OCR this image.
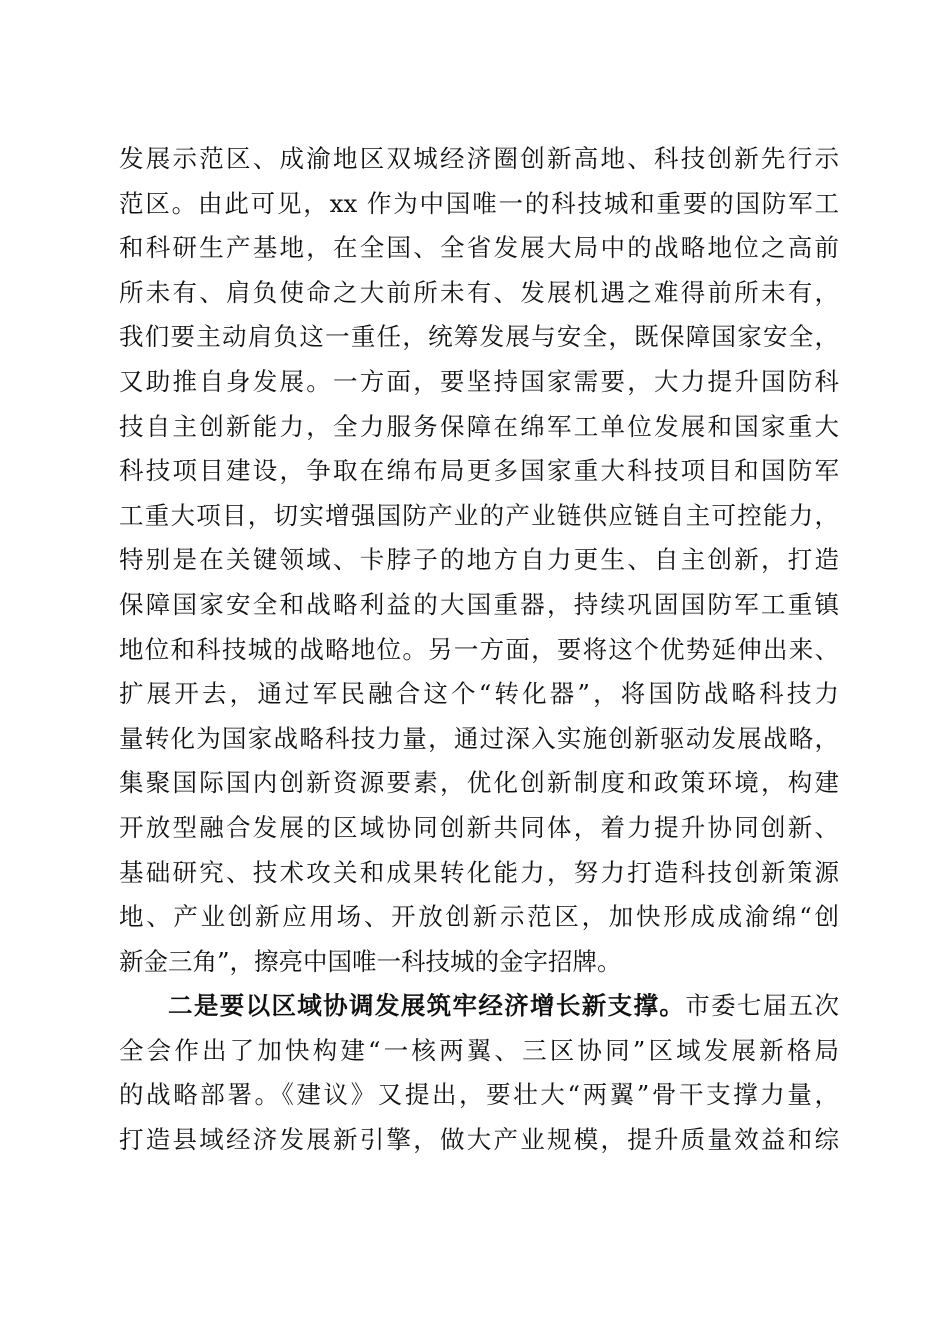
发展示范区、成渝地区双城经济圈创新高地、科技创新先行示
范区。由此可见，xx 作为中国唯一的科技城和重要的国防军工
和科研生产基地，在全国、全省发展大局中的战略地位之高前
所未有、肩负使命之大前所未有、发展机遇之难得前所未有，
我们要主动肩负这一重任，统筹发展与安全，既保障国家安全，
又助推自身发展。一方面，要坚持国家需要，大力提升国防科
技自主创新能力，全力服务保障在绵军工单位发展和国家重大
科技项目建设，争取在绵布局更多国家重大科技项目和国防军
工重大项目，切实增强国防产业的产业链供应链自主可控能力，
特别是在关键领域、卡脖子的地方自力更生、自主创新，打造
保障国家安全和战略利益的大国重器，持续巩固国防军工重镇
地位和科技城的战略地位。另一方面，要将这个优势延伸出来、
扩展开去，通过军民融合这个“转化器”，将国防战略科技力
量转化为国家战略科技力量，通过深入实施创新驱动发展战略，
集聚国际国内创新资源要素，优化创新制度和政策环境，构建
开放型融合发展的区域协同创新共同体，着力提升协同创新、
基础研究、技术攻关和成果转化能力，努力打造科技创新策源
地、产业创新应用场、开放创新示范区，加快形成成渝绵“创
新金三角”，擦亮中国唯一科技城的金字招牌。
二是要以区域协调发展筑牢经济增长新支撑。市委七届五次
全会作出了加快构建“一核两翼、三区协同”区域发展新格局
的战略部署。《建议》又提出，要壮大“两翼”骨干支撑力量，
打造县域经济发展新引擎，做大产业规模，提升质量效益和综
